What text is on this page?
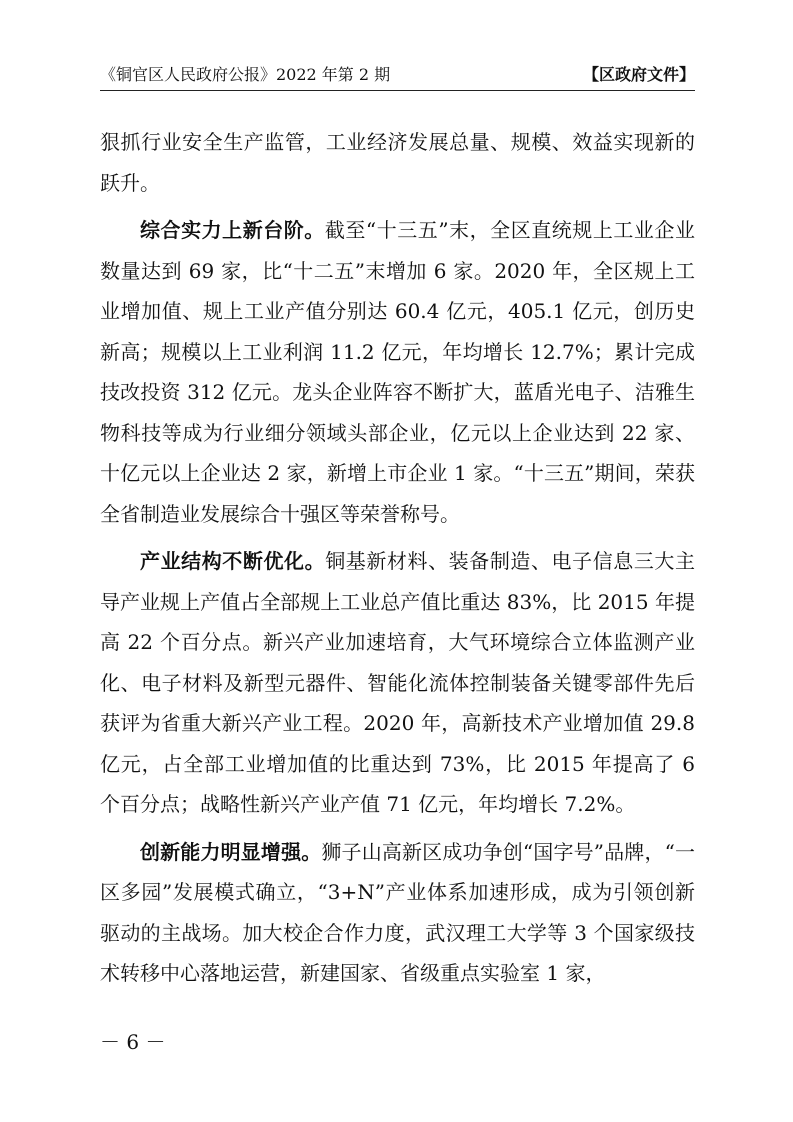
《铜官区人民政府公报》2022 年第 2 期	【区政府文件】

狠抓行业安全生产监管，工业经济发展总量、规模、效益实现新的跃升。

综合实力上新台阶。截至“十三五”末，全区直统规上工业企业数量达到 69 家，比“十二五”末增加 6 家。2020 年，全区规上工业增加值、规上工业产值分别达 60.4 亿元，405.1 亿元，创历史新高；规模以上工业利润 11.2 亿元，年均增长 12.7%；累计完成技改投资 312 亿元。龙头企业阵容不断扩大，蓝盾光电子、洁雅生物科技等成为行业细分领域头部企业，亿元以上企业达到 22 家、十亿元以上企业达 2 家，新增上市企业 1 家。“十三五”期间，荣获全省制造业发展综合十强区等荣誉称号。

产业结构不断优化。铜基新材料、装备制造、电子信息三大主导产业规上产值占全部规上工业总产值比重达 83%，比 2015 年提高 22 个百分点。新兴产业加速培育，大气环境综合立体监测产业化、电子材料及新型元器件、智能化流体控制装备关键零部件先后获评为省重大新兴产业工程。2020 年，高新技术产业增加值 29.8 亿元，占全部工业增加值的比重达到 73%，比 2015 年提高了 6 个百分点；战略性新兴产业产值 71 亿元，年均增长 7.2%。

创新能力明显增强。狮子山高新区成功争创“国字号”品牌，“一区多园”发展模式确立，“3+N”产业体系加速形成，成为引领创新驱动的主战场。加大校企合作力度，武汉理工大学等 3 个国家级技术转移中心落地运营，新建国家、省级重点实验室 1 家，

－ 6 －
